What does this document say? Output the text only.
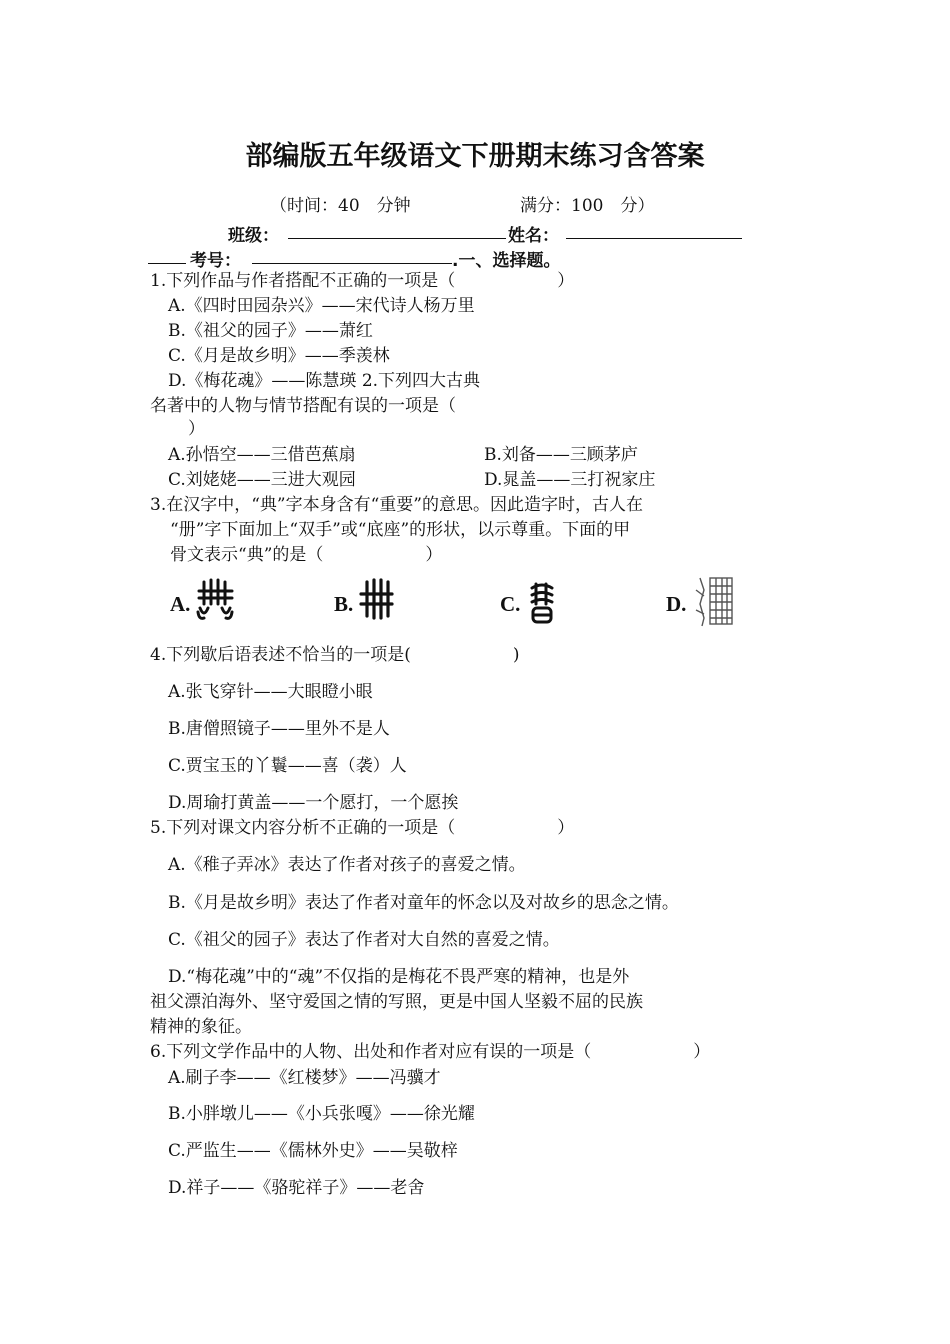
部编版五年级语文下册期末练习含答案
（时间：40　分钟	满分：100　分）
班级：	姓名：
考号：	.一、选择题。
1.下列作品与作者搭配不正确的一项是（　　　　　　）
A.《四时田园杂兴》——宋代诗人杨万里
B.《祖父的园子》——萧红
C.《月是故乡明》——季羡林
D.《梅花魂》——陈慧瑛 2.下列四大古典
名著中的人物与情节搭配有误的一项是（
）
A.孙悟空——三借芭蕉扇	B.刘备——三顾茅庐
C.刘姥姥——三进大观园	D.晁盖——三打祝家庄
3.在汉字中，“典”字本身含有“重要”的意思。因此造字时，古人在
“册”字下面加上“双手”或“底座”的形状，以示尊重。下面的甲
骨文表示“典”的是（　　　　　　）
A.	B.	C.	D.
4.下列歇后语表述不恰当的一项是(　　　　　　)
A.张飞穿针——大眼瞪小眼
B.唐僧照镜子——里外不是人
C.贾宝玉的丫鬟——喜（袭）人
D.周瑜打黄盖——一个愿打，一个愿挨
5.下列对课文内容分析不正确的一项是（　　　　　　）
A.《稚子弄冰》表达了作者对孩子的喜爱之情。
B.《月是故乡明》表达了作者对童年的怀念以及对故乡的思念之情。
C.《祖父的园子》表达了作者对大自然的喜爱之情。
D.“梅花魂”中的“魂”不仅指的是梅花不畏严寒的精神，也是外
祖父漂泊海外、坚守爱国之情的写照，更是中国人坚毅不屈的民族
精神的象征。
6.下列文学作品中的人物、出处和作者对应有误的一项是（　　　　　　）
A.刷子李——《红楼梦》——冯骥才
B.小胖墩儿——《小兵张嘎》——徐光耀
C.严监生——《儒林外史》——吴敬梓
D.祥子——《骆驼祥子》——老舍
